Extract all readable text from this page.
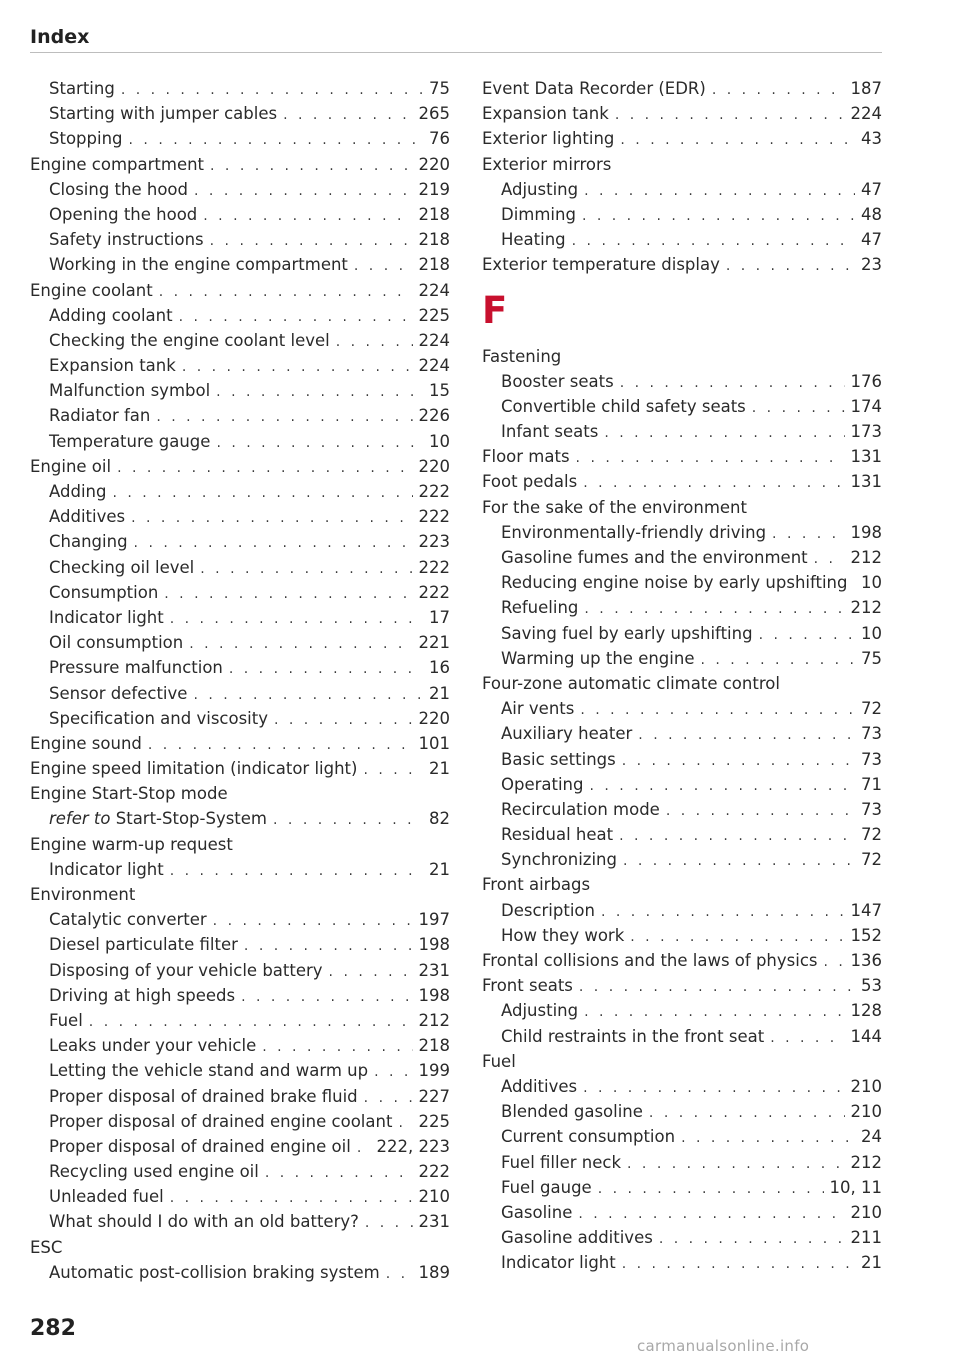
Index
Starting . . .	75
Starting with jumper cables . . .	265
Stopping . . .	76
Engine compartment . . .	220
Closing the hood . . .	219
Opening the hood . . .	218
Safety instructions . . .	218
Working in the engine compartment . . .	218
Engine coolant . . .	224
Adding coolant . . .	225
Checking the engine coolant level . . .	224
Expansion tank . . .	224
Malfunction symbol . . .	15
Radiator fan . . .	226
Temperature gauge . . .	10
Engine oil . . .	220
Adding . . .	222
Additives . . .	222
Changing . . .	223
Checking oil level . . .	222
Consumption . . .	222
Indicator light . . .	17
Oil consumption . . .	221
Pressure malfunction . . .	16
Sensor defective . . .	21
Specification and viscosity . . .	220
Engine sound . . .	101
Engine speed limitation (indicator light) . . .	21
Engine Start-Stop mode
refer to Start-Stop-System . . .	82
Engine warm-up request
Indicator light . . .	21
Environment
Catalytic converter . . .	197
Diesel particulate filter . . .	198
Disposing of your vehicle battery . . .	231
Driving at high speeds . . .	198
Fuel . . .	212
Leaks under your vehicle . . .	218
Letting the vehicle stand and warm up . . .	199
Proper disposal of drained brake fluid . . .	227
Proper disposal of drained engine coolant . . . 225
Proper disposal of drained engine oil . . . 222, 223
Recycling used engine oil . . .	222
Unleaded fuel . . .	210
What should I do with an old battery? . . .	231
ESC
Automatic post-collision braking system . . . 189
Event Data Recorder (EDR) . . .	187
Expansion tank . . .	224
Exterior lighting . . .	43
Exterior mirrors
Adjusting . . .	47
Dimming . . .	48
Heating . . .	47
Exterior temperature display . . .	23
F
Fastening
Booster seats . . .	176
Convertible child safety seats . . .	174
Infant seats . . .	173
Floor mats . . .	131
Foot pedals . . .	131
For the sake of the environment
Environmentally-friendly driving . . .	198
Gasoline fumes and the environment . . .	212
Reducing engine noise by early upshifting . . . 10
Refueling . . .	212
Saving fuel by early upshifting . . .	10
Warming up the engine . . .	75
Four-zone automatic climate control
Air vents . . .	72
Auxiliary heater . . .	73
Basic settings . . .	73
Operating . . .	71
Recirculation mode . . .	73
Residual heat . . .	72
Synchronizing . . .	72
Front airbags
Description . . .	147
How they work . . .	152
Frontal collisions and the laws of physics . . . 136
Front seats . . .	53
Adjusting . . .	128
Child restraints in the front seat . . .	144
Fuel
Additives . . .	210
Blended gasoline . . .	210
Current consumption . . .	24
Fuel filler neck . . .	212
Fuel gauge . . .	10, 11
Gasoline . . .	210
Gasoline additives . . .	211
Indicator light . . .	21
282
carmanualsonline.info
